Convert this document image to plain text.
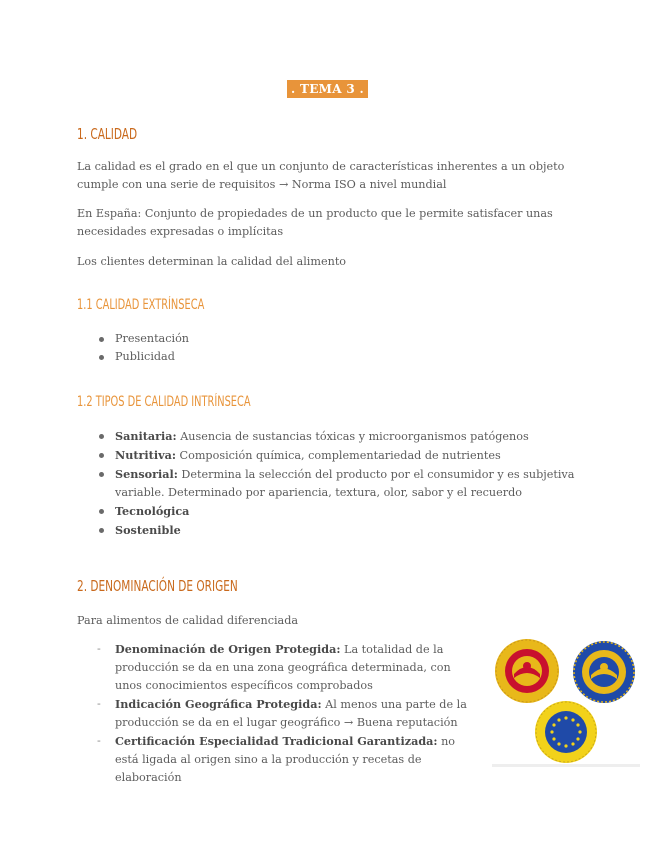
. TEMA 3 .
1. CALIDAD

La calidad es el grado en el que un conjunto de características inherentes a un objeto cumple con una serie de requisitos → Norma ISO a nivel mundial

En España: Conjunto de propiedades de un producto que le permite satisfacer unas necesidades expresadas o implícitas

Los clientes determinan la calidad del alimento

1.1 CALIDAD EXTRÍNSECA
Presentación
Publicidad
1.2 TIPOS DE CALIDAD INTRÍNSECA
Sanitaria: Ausencia de sustancias tóxicas y microorganismos patógenos
Nutritiva: Composición química, complementariedad de nutrientes
Sensorial: Determina la selección del producto por el consumidor y es subjetiva variable. Determinado por apariencia, textura, olor, sabor y el recuerdo
Tecnológica
Sostenible
2. DENOMINACIÓN DE ORIGEN

Para alimentos de calidad diferenciada

- Denominación de Origen Protegida: La totalidad de la producción se da en una zona geográfica determinada, con unos conocimientos específicos comprobados
- Indicación Geográfica Protegida: Al menos una parte de la producción se da en el lugar geográfico → Buena reputación
- Certificación Especialidad Tradicional Garantizada: no está ligada al origen sino a la producción y recetas de elaboración
